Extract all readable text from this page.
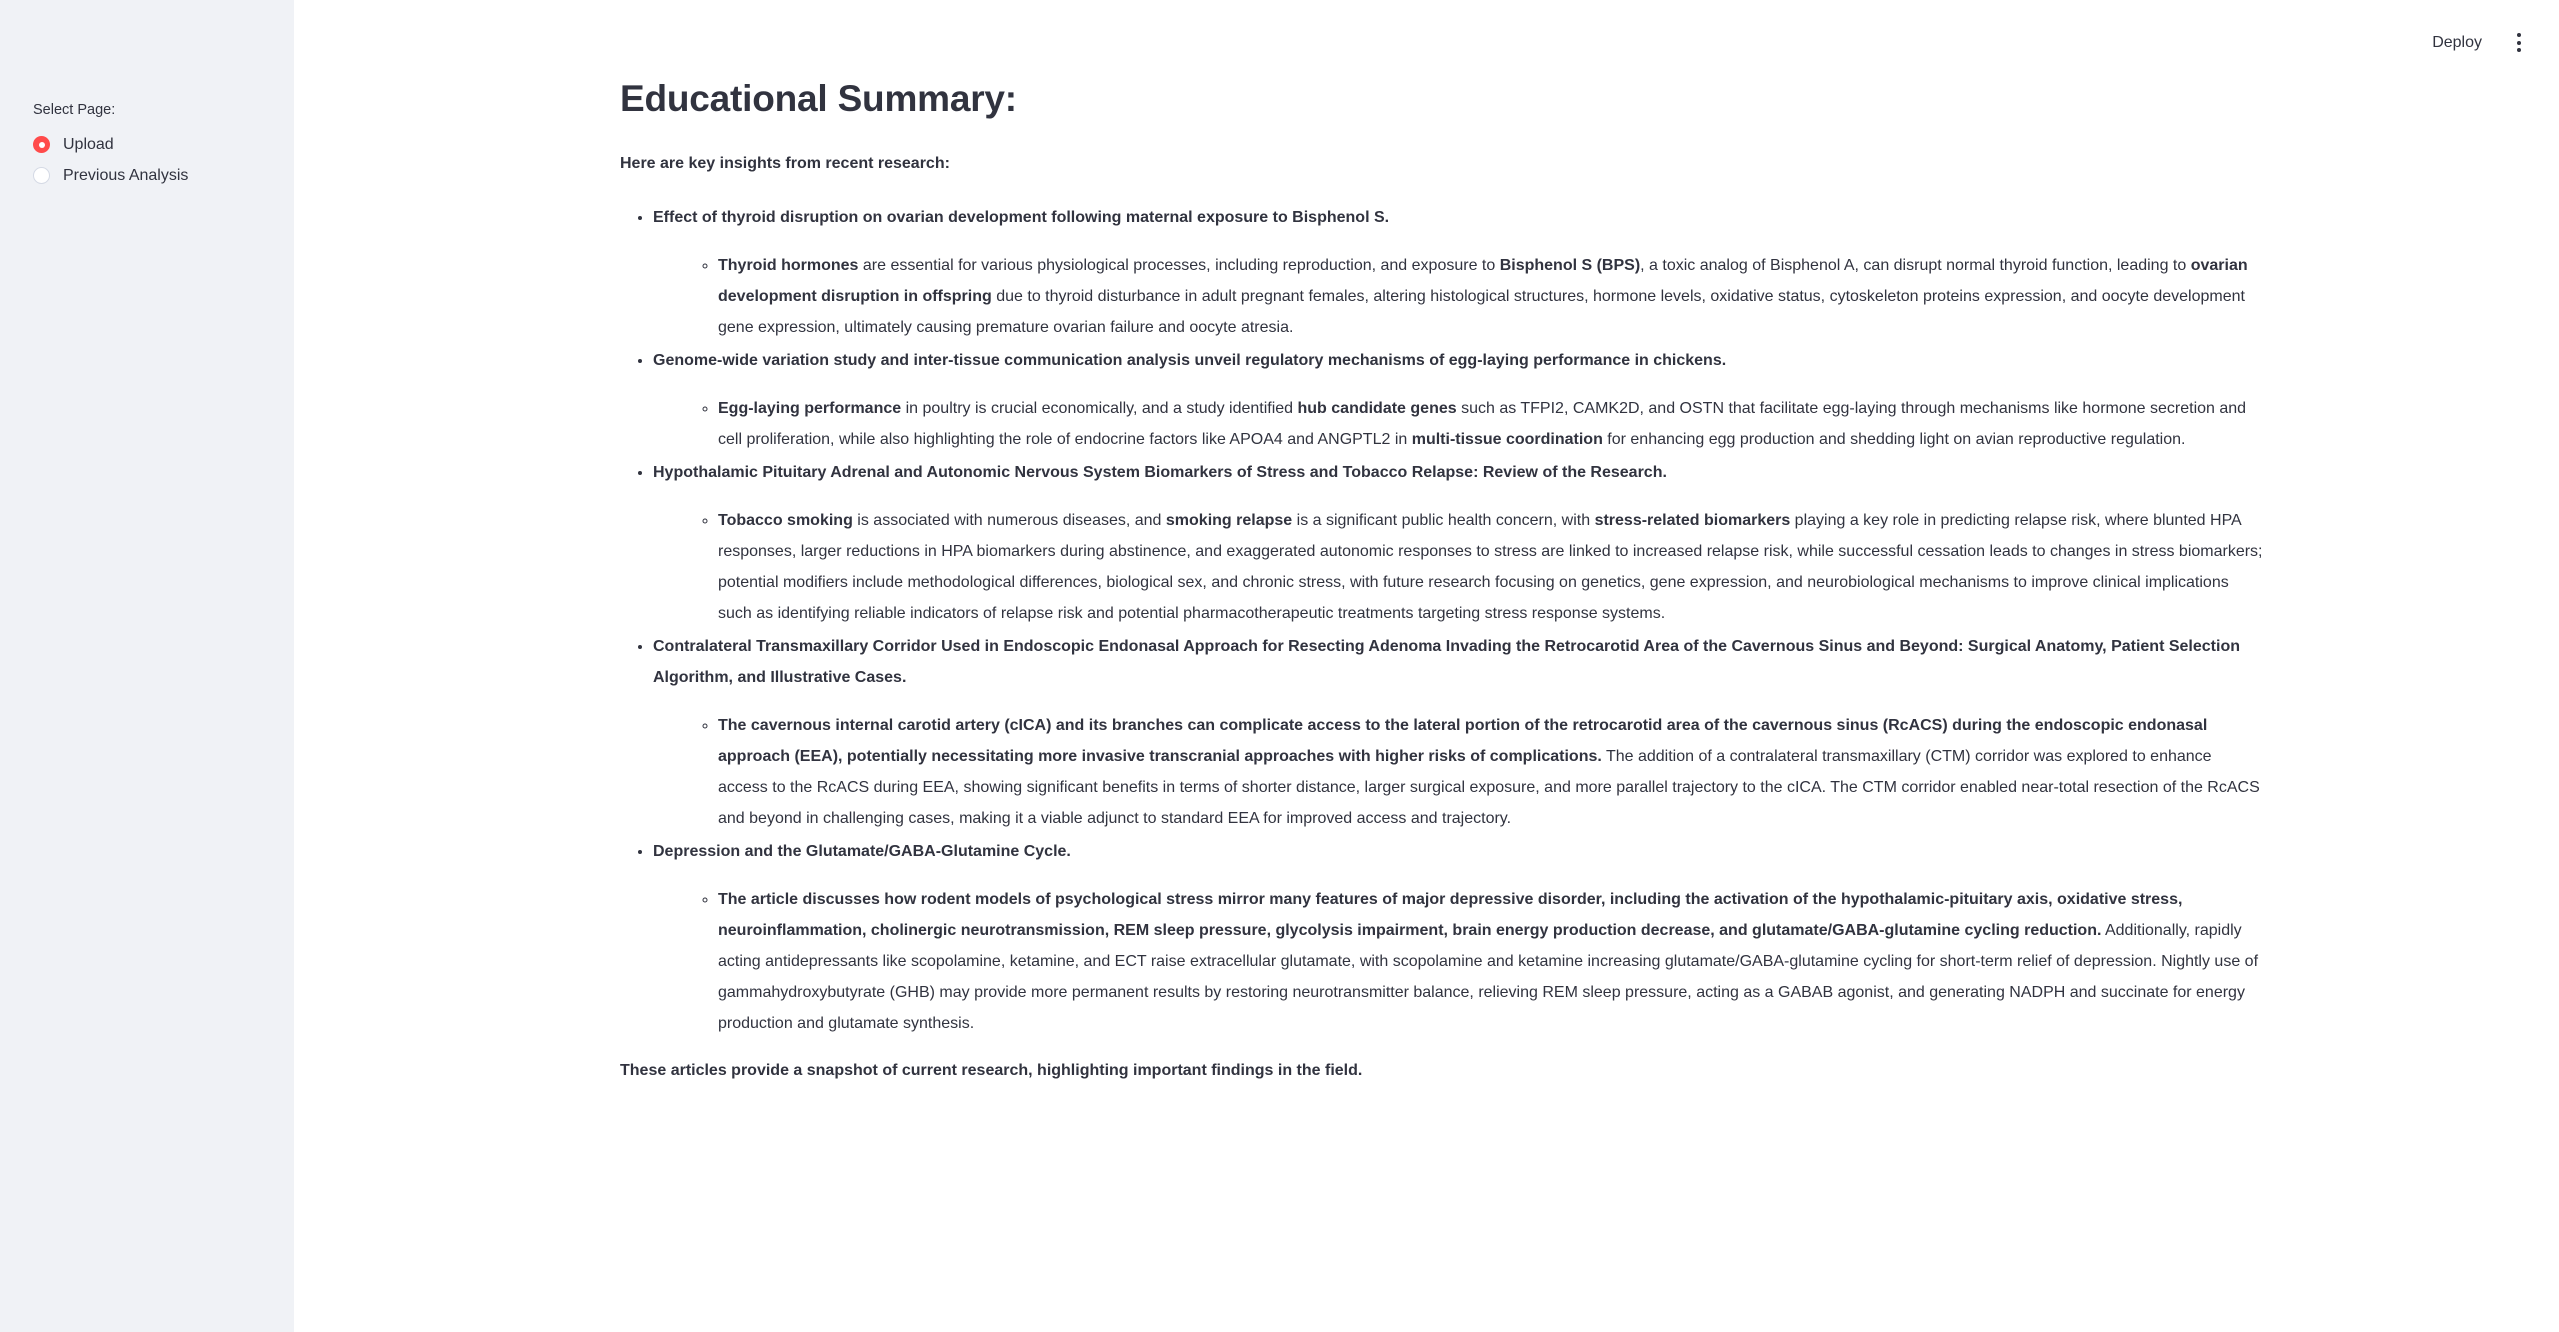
Select Page:
Upload
Previous Analysis
Deploy
Educational Summary:

Here are key insights from recent research:

• Effect of thyroid disruption on ovarian development following maternal exposure to Bisphenol S.
◦ Thyroid hormones are essential for various physiological processes, including reproduction, and exposure to Bisphenol S (BPS), a toxic analog of Bisphenol A, can disrupt normal thyroid function, leading to ovarian development disruption in offspring due to thyroid disturbance in adult pregnant females, altering histological structures, hormone levels, oxidative status, cytoskeleton proteins expression, and oocyte development gene expression, ultimately causing premature ovarian failure and oocyte atresia.
• Genome-wide variation study and inter-tissue communication analysis unveil regulatory mechanisms of egg-laying performance in chickens.
◦ Egg-laying performance in poultry is crucial economically, and a study identified hub candidate genes such as TFPI2, CAMK2D, and OSTN that facilitate egg-laying through mechanisms like hormone secretion and cell proliferation, while also highlighting the role of endocrine factors like APOA4 and ANGPTL2 in multi-tissue coordination for enhancing egg production and shedding light on avian reproductive regulation.
• Hypothalamic Pituitary Adrenal and Autonomic Nervous System Biomarkers of Stress and Tobacco Relapse: Review of the Research.
◦ Tobacco smoking is associated with numerous diseases, and smoking relapse is a significant public health concern, with stress-related biomarkers playing a key role in predicting relapse risk, where blunted HPA responses, larger reductions in HPA biomarkers during abstinence, and exaggerated autonomic responses to stress are linked to increased relapse risk, while successful cessation leads to changes in stress biomarkers; potential modifiers include methodological differences, biological sex, and chronic stress, with future research focusing on genetics, gene expression, and neurobiological mechanisms to improve clinical implications such as identifying reliable indicators of relapse risk and potential pharmacotherapeutic treatments targeting stress response systems.
• Contralateral Transmaxillary Corridor Used in Endoscopic Endonasal Approach for Resecting Adenoma Invading the Retrocarotid Area of the Cavernous Sinus and Beyond: Surgical Anatomy, Patient Selection Algorithm, and Illustrative Cases.
◦ The cavernous internal carotid artery (cICA) and its branches can complicate access to the lateral portion of the retrocarotid area of the cavernous sinus (RcACS) during the endoscopic endonasal approach (EEA), potentially necessitating more invasive transcranial approaches with higher risks of complications. The addition of a contralateral transmaxillary (CTM) corridor was explored to enhance access to the RcACS during EEA, showing significant benefits in terms of shorter distance, larger surgical exposure, and more parallel trajectory to the cICA. The CTM corridor enabled near-total resection of the RcACS and beyond in challenging cases, making it a viable adjunct to standard EEA for improved access and trajectory.
• Depression and the Glutamate/GABA-Glutamine Cycle.
◦ The article discusses how rodent models of psychological stress mirror many features of major depressive disorder, including the activation of the hypothalamic-pituitary axis, oxidative stress, neuroinflammation, cholinergic neurotransmission, REM sleep pressure, glycolysis impairment, brain energy production decrease, and glutamate/GABA-glutamine cycling reduction. Additionally, rapidly acting antidepressants like scopolamine, ketamine, and ECT raise extracellular glutamate, with scopolamine and ketamine increasing glutamate/GABA-glutamine cycling for short-term relief of depression. Nightly use of gammahydroxybutyrate (GHB) may provide more permanent results by restoring neurotransmitter balance, relieving REM sleep pressure, acting as a GABAB agonist, and generating NADPH and succinate for energy production and glutamate synthesis.

These articles provide a snapshot of current research, highlighting important findings in the field.
